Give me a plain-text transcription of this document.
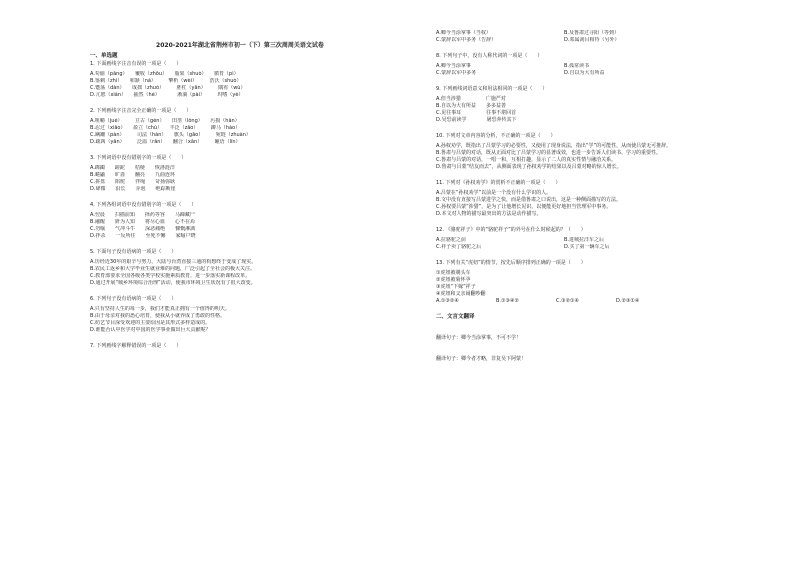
2020-2021年湖北省荆州市初一（下）第三次周周关语文试卷
一、单选题
1. 下面画线字注音有误的一项是（　　）
A.苟偷（pāng）　　覆收（zhōu）　　脂果（shuò）　　循育（pì）
B.鉴刺（zhì）　　和颔（nà）　　　擎析（wèi）　　　浩沃（shuò）
C.蹙荡（dàn）　　成拙（zhuó）　　　胚杠（yān）　　　隅宥（wù）
D.亢恕（xiàn）　　抽然（hé）　　　　淅淌（pài）　　　坞嗜（yè）
2. 下列画线字注音完全正确的一项是（　　）
A.咀嚼（jué）　　　豆古（gèn）　　田垄（lǒng）　　污损（hǎn）
B.忍过（xiāo）　　盈立（chù）　　丰泛（zāo）　　　蹲马（hào）
C.蹒跚（pán）　　　司法（hán）　　旗头（gāo）　　　宛琏（zhuàn）
D.疏凶（yān）　　　泛温（rǎn）　　翻合（xān）　　　瞳语（lín）
3. 下列词语中没有错别字的一项是（　　）
A.踯躅　　蹉跎　　桔梗　　恢洛涟洋
B.蜷鼬　　旷啬　　翻亮　　九曲连环
C.拼盘　　陷舵　　伴绳　　苛扬弥耿
D.肆循　　沿长　　弄泡　　绝踪断崖
4. 下列各组词语中没有错别字的一项是（　　）
A.翌晨　　扫描前知　　择药等容　　马蹄藏尸
B.融醒　　鼾为人知　　将尽心血　　心不在焉
C.勿喻　　气冲斗牛　　深恶痛绝　　慷慨淋漓
D.抨杀　　一反所往　　至死不懈　　家喻户晓
5. 下面句子没有语病的一项是（　　）
A.历经近30年的艰辛与努力，大陆与台湾直接三通的构想终于变成了现实。
B.农民工返乡和大学毕业生就业难的问题，广泛引起了全社会的极大关注。
C.教育部要求全国各级各类学校实施素质教育，进一步落实新课程改革。
D.通过开展“城乡环境综合治理”活动，使我市环境卫生状况有了很大改变。
6. 下列句子没有语病的一项是（　　）
A.只有坚持人生的每一步，我们才能真正拥有一个值得的明天。
B.由于母亲对我的悉心培育，使我从小就养成了勇敢的性格。
C.纺艺节目深受欢迎的主要原因是其形式多样造成的。
D.谁能否认中医学对中国的医学事业做出巨大贡献呢？
7. 下列画线字解释错误的一项是（　　）
A.卿今当涂掌事（当权）	B.及鲁肃过寻阳（等到）
C.蒙辞以军中多务（告辞）	D.邓属刮目相待（另外）
8. 下列句子中，没有人称代词的一项是（　　）
A.卿今当涂掌事	B.孤常读书
C.蒙辞以军中多务	D.自以为大有所益
9. 下列画线词语意义和用法相同的一项是（　　）
A.但当涉猎　　　　　广施严对
B.自以为大有所益　　多多益善
C.见往事耳　　　　　往事不堪回首
D.吴恐前读学　　　　屠恐奔传其下
10. 下列对文章内容的分析，不正确的一项是（　　）
A.孙权劝学，既指出了吕蒙学习的必要性，又使用了现身说法，指出“学”的可能性，从而使吕蒙无可推辞。
B.鲁肃与吕蒙的对话，既从正面对比了吕蒙学习的显著成效，也进一步告诉人们读书、学习的重要性。
C.鲁肃与吕蒙的对话，一唱一和，互相打趣，显示了二人的真实性情与融洽关系。
D.鲁肃与吕蒙“结友而去”，从侧面表现了孙权劝学的结果以及吕蒙对略的惊人增长。
11. 下列对《孙权劝学》的赏析不正确的一项是（　　）
A.吕蒙在“孙权劝学”以前是一个没有什么学识的人。
B.文中没有直接写吕蒙进学之快，而是借鲁肃之口说出，这是一种侧面描写的方法。
C.孙权要吕蒙“涉猎”，是为了让他增长见识，以便能更好地担当管理军中事务。
D.本文对人物的描写最突出的方法是动作描写。
12. 《骆驼祥子》中的“骆驼祥子”的外号在什么时候起的？（　　）
A.拉骆驼之前	B.进城拉洋车之后
C.祥子卖了骆驼之后	D.买了第一辆车之后
13. 下列有关“虎妞”的情节，按先后顺序排列正确的一项是（　　）
①虎妞被剃头车
②虎妞被菊怀孕
③虎妞“下嫁”祥子
④虎妞和父亲闹翻吵翻
A.①③②④	B.①③④②	C.③②①④	D.②③①④
二、文言文翻译
翻译句子：卿今当涂掌事，不可不学！
翻译句子：卿今者才略，非复吴下阿蒙！
